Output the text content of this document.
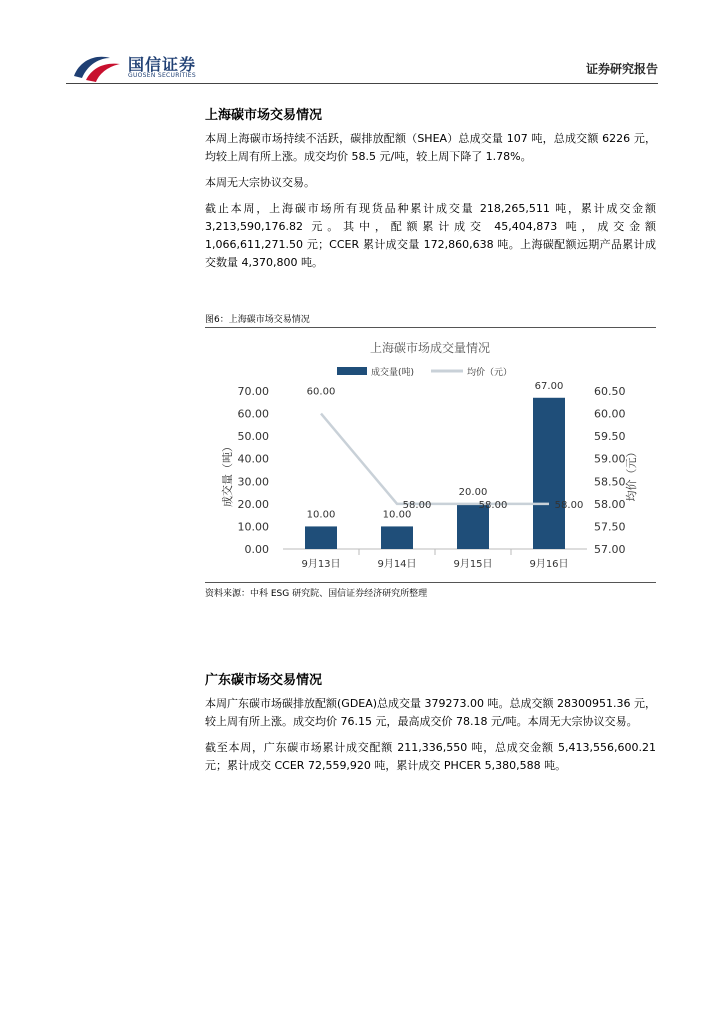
国信证券
GUOSEN SECURITIES	证券研究报告
上海碳市场交易情况

本周上海碳市场持续不活跃，碳排放配额（SHEA）总成交量 107 吨，总成交额 6226 元，均较上周有所上涨。成交均价 58.5 元/吨，较上周下降了 1.78%。

本周无大宗协议交易。

截止本周，上海碳市场所有现货品种累计成交量 218,265,511 吨，累计成交金额 3,213,590,176.82 元。其中，配额累计成交 45,404,873 吨，成交金额 1,066,611,271.50 元；CCER 累计成交量 172,860,638 吨。上海碳配额远期产品累计成交数量 4,370,800 吨。

图6：上海碳市场交易情况
上海碳市场成交量情况
成交量(吨)	均价（元）
0.00
10.00
20.00
30.00
40.00
50.00
60.00
70.00
57.00
57.50
58.00
58.50
59.00
59.50
60.00
60.50
成交量（吨）	均价（元）
10.00	10.00
20.00
67.00
9月13日	9月14日	9月15日	9月16日
60.00
58.00	58.00	58.00
资料来源：中科 ESG 研究院、国信证券经济研究所整理
广东碳市场交易情况

本周广东碳市场碳排放配额(GDEA)总成交量 379273.00 吨。总成交额 28300951.36 元，较上周有所上涨。成交均价 76.15 元，最高成交价 78.18 元/吨。本周无大宗协议交易。

截至本周，广东碳市场累计成交配额 211,336,550 吨，总成交金额 5,413,556,600.21 元；累计成交 CCER 72,559,920 吨，累计成交 PHCER 5,380,588 吨。
